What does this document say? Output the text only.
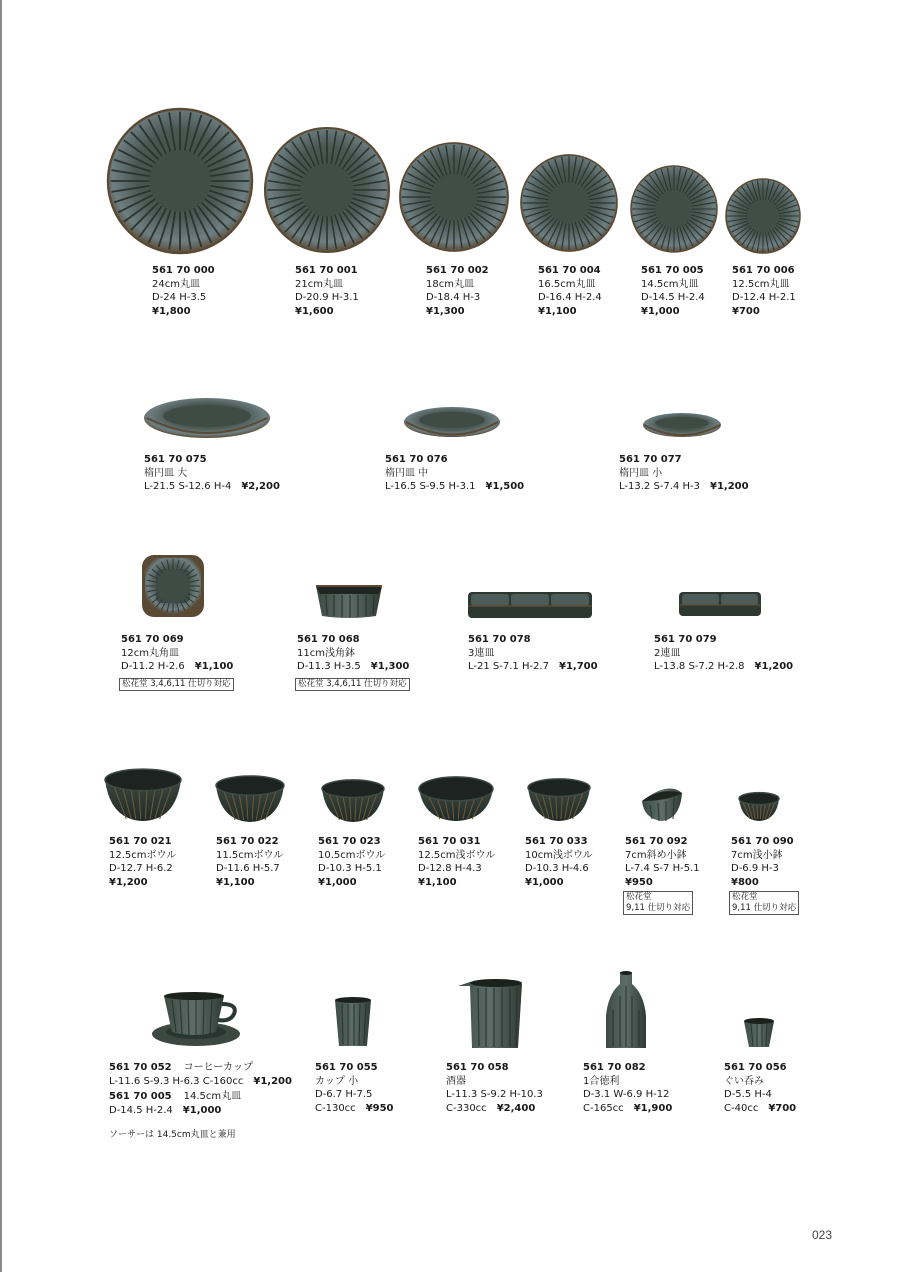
561 70 000
24cm丸皿
D-24 H-3.5
¥1,800
561 70 001
21cm丸皿
D-20.9 H-3.1
¥1,600
561 70 002
18cm丸皿
D-18.4 H-3
¥1,300
561 70 004
16.5cm丸皿
D-16.4 H-2.4
¥1,100
561 70 005
14.5cm丸皿
D-14.5 H-2.4
¥1,000
561 70 006
12.5cm丸皿
D-12.4 H-2.1
¥700
561 70 075
楕円皿 大
L-21.5 S-12.6 H-4 ¥2,200
561 70 076
楕円皿 中
L-16.5 S-9.5 H-3.1 ¥1,500
561 70 077
楕円皿 小
L-13.2 S-7.4 H-3 ¥1,200
561 70 069
12cm丸角皿
D-11.2 H-2.6 ¥1,100
松花堂 3,4,6,11 仕切り対応
561 70 068
11cm浅角鉢
D-11.3 H-3.5 ¥1,300
松花堂 3,4,6,11 仕切り対応
561 70 078
3連皿
L-21 S-7.1 H-2.7 ¥1,700
561 70 079
2連皿
L-13.8 S-7.2 H-2.8 ¥1,200
561 70 021
12.5cmボウル
D-12.7 H-6.2
¥1,200
561 70 022
11.5cmボウル
D-11.6 H-5.7
¥1,100
561 70 023
10.5cmボウル
D-10.3 H-5.1
¥1,000
561 70 031
12.5cm浅ボウル
D-12.8 H-4.3
¥1,100
561 70 033
10cm浅ボウル
D-10.3 H-4.6
¥1,000
561 70 092
7cm斜め小鉢
L-7.4 S-7 H-5.1
¥950
松花堂
9,11 仕切り対応
561 70 090
7cm浅小鉢
D-6.9 H-3
¥800
松花堂
9,11 仕切り対応
561 70 052 コーヒーカップ
L-11.6 S-9.3 H-6.3 C-160cc ¥1,200
561 70 005 14.5cm丸皿
D-14.5 H-2.4 ¥1,000
ソーサーは 14.5cm丸皿と兼用
561 70 055
カップ 小
D-6.7 H-7.5
C-130cc ¥950
561 70 058
酒器
L-11.3 S-9.2 H-10.3
C-330cc ¥2,400
561 70 082
1合徳利
D-3.1 W-6.9 H-12
C-165cc ¥1,900
561 70 056
ぐい呑み
D-5.5 H-4
C-40cc ¥700
023
